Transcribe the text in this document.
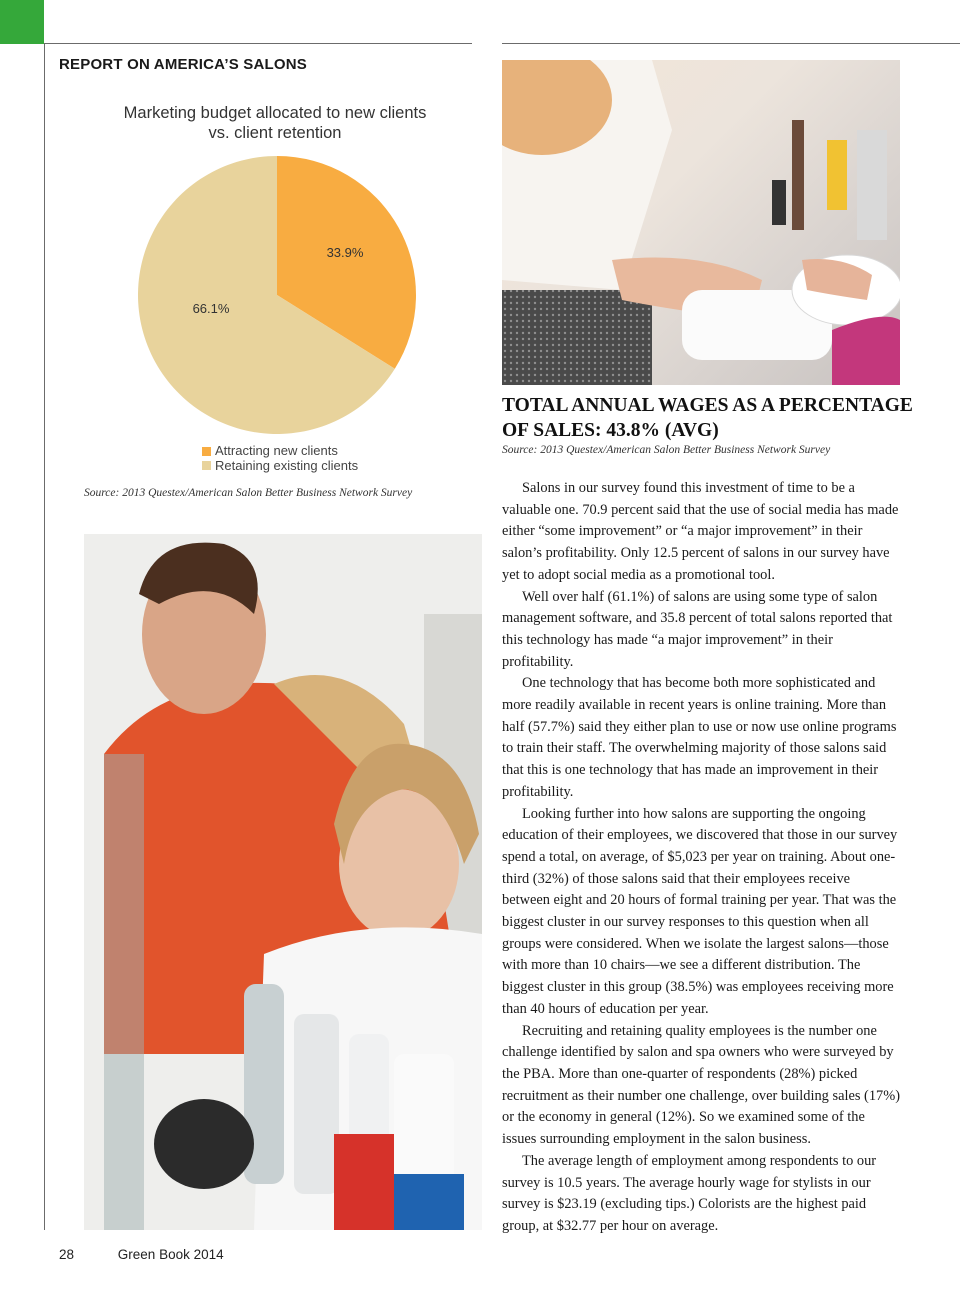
REPORT ON AMERICA’S SALONS
Marketing budget allocated to new clients vs. client retention
33.9%
66.1%
Attracting new clients
Retaining existing clients
Source: 2013 Questex/American Salon Better Business Network Survey
TOTAL ANNUAL WAGES AS A PERCENTAGE OF SALES: 43.8% (AVG)
Source: 2013 Questex/American Salon Better Business Network Survey

Salons in our survey found this investment of time to be a valuable one. 70.9 percent said that the use of social media has made either “some improvement” or “a major improvement” in their salon’s profitability. Only 12.5 percent of salons in our survey have yet to adopt social media as a promotional tool.

Well over half (61.1%) of salons are using some type of salon management software, and 35.8 percent of total salons reported that this technology has made “a major improvement” in their profitability.

One technology that has become both more sophisticated and more readily available in recent years is online training. More than half (57.7%) said they either plan to use or now use online programs to train their staff. The overwhelming majority of those salons said that this is one technology that has made an improvement in their profitability.

Looking further into how salons are supporting the ongoing education of their employees, we discovered that those in our survey spend a total, on average, of $5,023 per year on training. About one-third (32%) of those salons said that their employees receive between eight and 20 hours of formal training per year. That was the biggest cluster in our survey responses to this question when all groups were considered. When we isolate the largest salons—those with more than 10 chairs—we see a different distribution. The biggest cluster in this group (38.5%) was employees receiving more than 40 hours of education per year.

Recruiting and retaining quality employees is the number one challenge identified by salon and spa owners who were surveyed by the PBA. More than one-quarter of respondents (28%) picked recruitment as their number one challenge, over building sales (17%) or the economy in general (12%). So we examined some of the issues surrounding employment in the salon business.

The average length of employment among respondents to our survey is 10.5 years. The average hourly wage for stylists in our survey is $23.19 (excluding tips.) Colorists are the highest paid group, at $32.77 per hour on average.

28	Green Book 2014
